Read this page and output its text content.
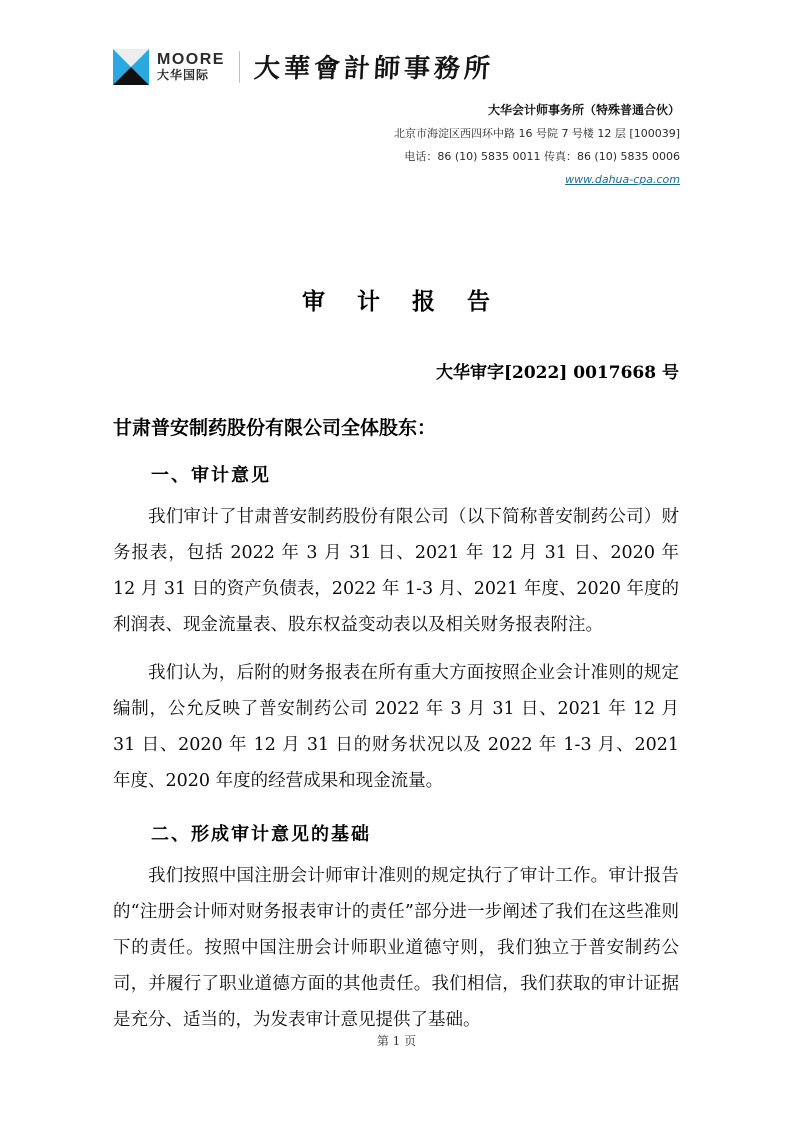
MOORE
大华国际	大華會計師事務所
大华会计师事务所（特殊普通合伙）
北京市海淀区西四环中路 16 号院 7 号楼 12 层 [100039]
电话：86 (10) 5835 0011 传真：86 (10) 5835 0006
www.dahua-cpa.com
审 计 报 告
大华审字[2022] 0017668 号
甘肃普安制药股份有限公司全体股东：
一、审计意见

我们审计了甘肃普安制药股份有限公司（以下简称普安制药公司）财务报表，包括 2022 年 3 月 31 日、2021 年 12 月 31 日、2020 年 12 月 31 日的资产负债表，2022 年 1-3 月、2021 年度、2020 年度的利润表、现金流量表、股东权益变动表以及相关财务报表附注。

我们认为，后附的财务报表在所有重大方面按照企业会计准则的规定编制，公允反映了普安制药公司 2022 年 3 月 31 日、2021 年 12 月 31 日、2020 年 12 月 31 日的财务状况以及 2022 年 1-3 月、2021 年度、2020 年度的经营成果和现金流量。

二、形成审计意见的基础

我们按照中国注册会计师审计准则的规定执行了审计工作。审计报告的“注册会计师对财务报表审计的责任”部分进一步阐述了我们在这些准则下的责任。按照中国注册会计师职业道德守则，我们独立于普安制药公司，并履行了职业道德方面的其他责任。我们相信，我们获取的审计证据是充分、适当的，为发表审计意见提供了基础。

第 1 页
